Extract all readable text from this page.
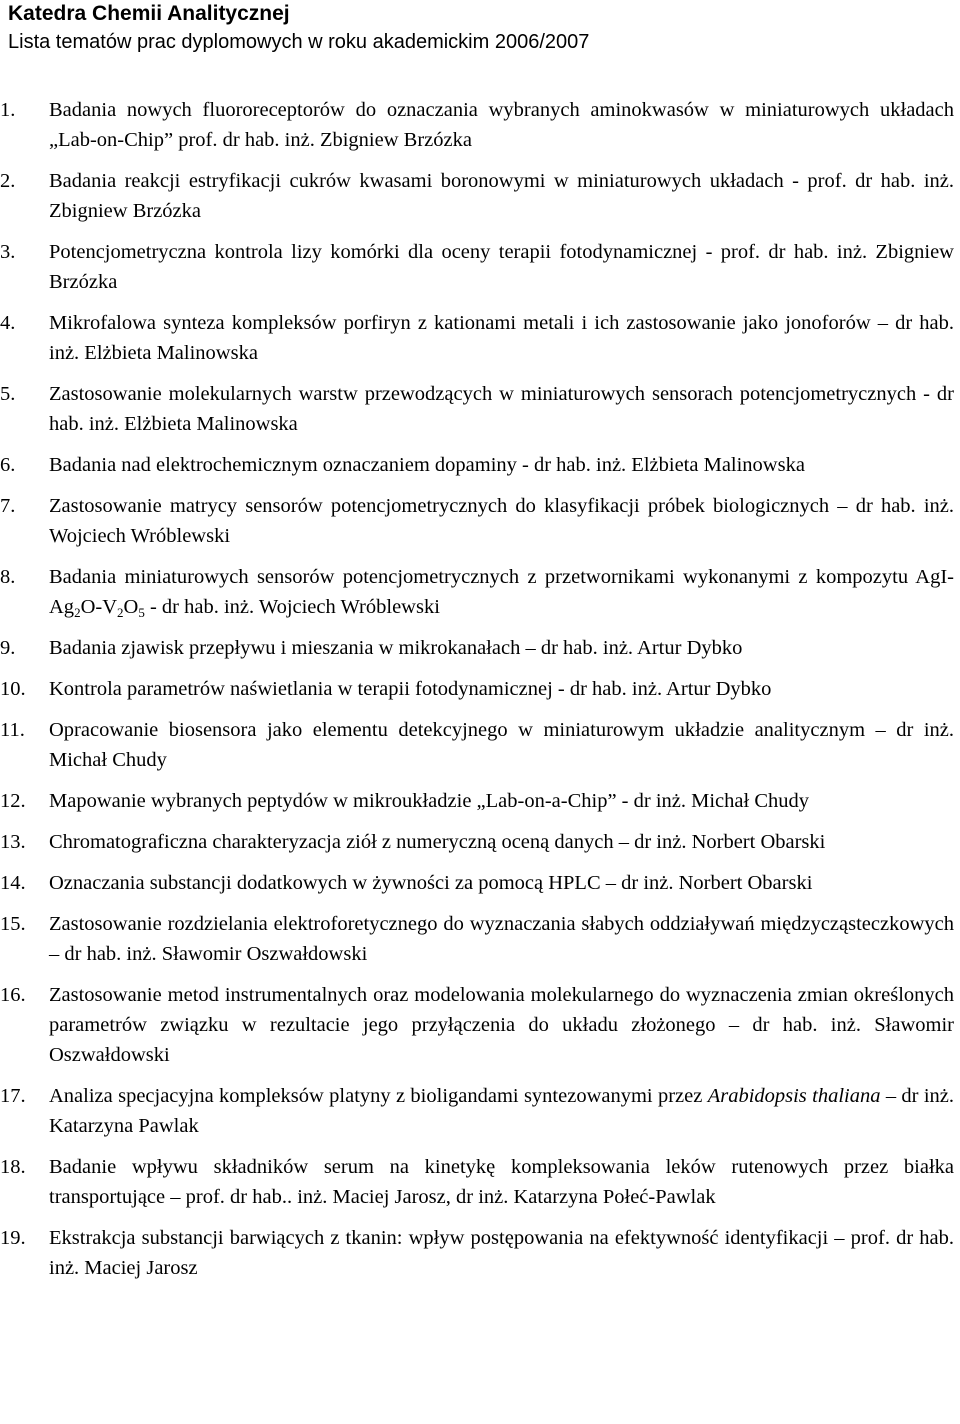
Katedra Chemii Analitycznej

Lista tematów prac dyplomowych w roku akademickim 2006/2007

1.	Badania nowych fluororeceptorów do oznaczania wybranych aminokwasów w miniaturowych układach „Lab-on-Chip” prof. dr hab. inż. Zbigniew Brzózka
2.	Badania reakcji estryfikacji cukrów kwasami boronowymi w miniaturowych układach - prof. dr hab. inż. Zbigniew Brzózka
3.	Potencjometryczna kontrola lizy komórki dla oceny terapii fotodynamicznej - prof. dr hab. inż. Zbigniew Brzózka
4.	Mikrofalowa synteza kompleksów porfiryn z kationami metali i ich zastosowanie jako jonoforów – dr hab. inż. Elżbieta Malinowska
5.	Zastosowanie molekularnych warstw przewodzących w miniaturowych sensorach potencjometrycznych - dr hab. inż. Elżbieta Malinowska
6.	Badania nad elektrochemicznym oznaczaniem dopaminy - dr hab. inż. Elżbieta Malinowska
7.	Zastosowanie matrycy sensorów potencjometrycznych do klasyfikacji próbek biologicznych – dr hab. inż. Wojciech Wróblewski
8.	Badania miniaturowych sensorów potencjometrycznych z przetwornikami wykonanymi z kompozytu AgI-$Ag_2O-V_2O_5$ - dr hab. inż. Wojciech Wróblewski
9.	Badania zjawisk przepływu i mieszania w mikrokanałach – dr hab. inż. Artur Dybko
10.	Kontrola parametrów naświetlania w terapii fotodynamicznej - dr hab. inż. Artur Dybko
11.	Opracowanie biosensora jako elementu detekcyjnego w miniaturowym układzie analitycznym – dr inż. Michał Chudy
12.	Mapowanie wybranych peptydów w mikroukładzie „Lab-on-a-Chip” - dr inż. Michał Chudy
13.	Chromatograficzna charakteryzacja ziół z numeryczną oceną danych – dr inż. Norbert Obarski
14.	Oznaczania substancji dodatkowych w żywności za pomocą HPLC – dr inż. Norbert Obarski
15.	Zastosowanie rozdzielania elektroforetycznego do wyznaczania słabych oddziaływań międzycząsteczkowych – dr hab. inż. Sławomir Oszwałdowski
16.	Zastosowanie metod instrumentalnych oraz modelowania molekularnego do wyznaczenia zmian określonych parametrów związku w rezultacie jego przyłączenia do układu złożonego – dr hab. inż. Sławomir Oszwałdowski
17.	Analiza specjacyjna kompleksów platyny z bioligandami syntezowanymi przez Arabidopsis thaliana – dr inż. Katarzyna Pawlak
18.	Badanie wpływu składników serum na kinetykę kompleksowania leków rutenowych przez białka transportujące – prof. dr hab.. inż. Maciej Jarosz, dr inż. Katarzyna Połeć-Pawlak
19.	Ekstrakcja substancji barwiących z tkanin: wpływ postępowania na efektywność identyfikacji – prof. dr hab. inż. Maciej Jarosz
